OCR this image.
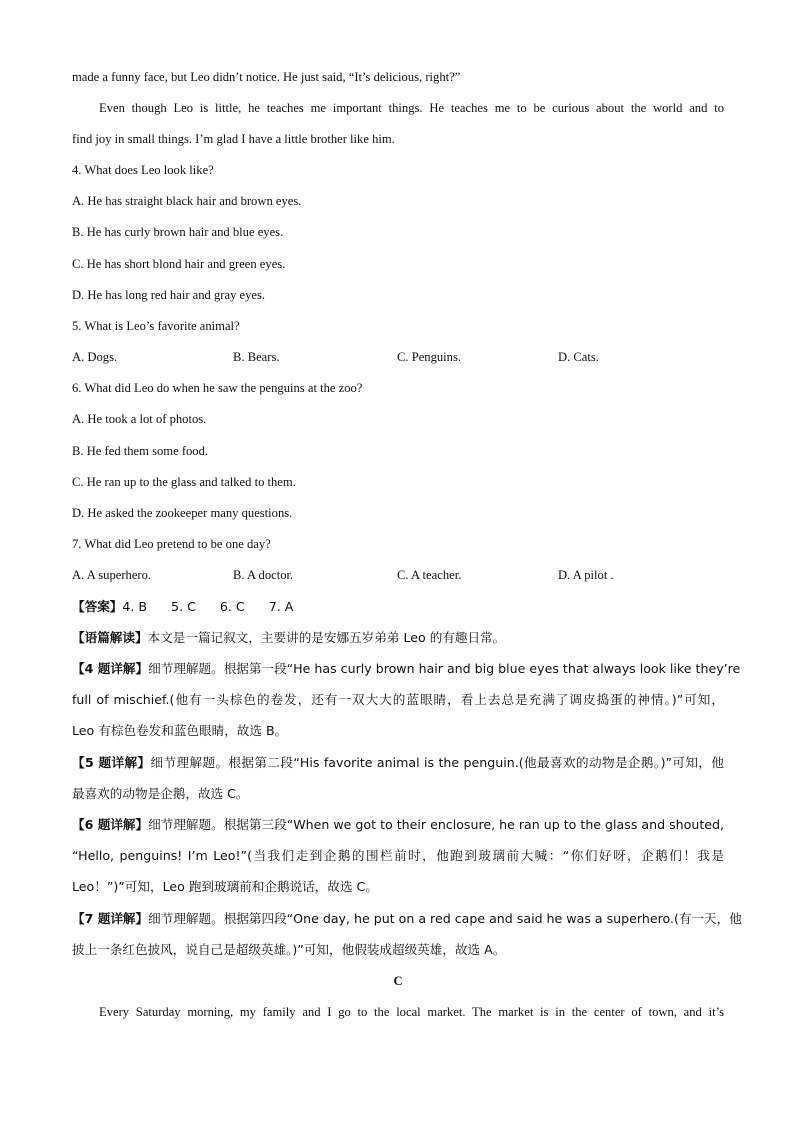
made a funny face, but Leo didn’t notice. He just said, “It’s delicious, right?”
Even though Leo is little, he teaches me important things. He teaches me to be curious about the world and to
find joy in small things. I’m glad I have a little brother like him.
4. What does Leo look like?
A. He has straight black hair and brown eyes.
B. He has curly brown hair and blue eyes.
C. He has short blond hair and green eyes.
D. He has long red hair and gray eyes.
5. What is Leo’s favorite animal?
A. Dogs.	B. Bears.	C. Penguins.	D. Cats.
6. What did Leo do when he saw the penguins at the zoo?
A. He took a lot of photos.
B. He fed them some food.
C. He ran up to the glass and talked to them.
D. He asked the zookeeper many questions.
7. What did Leo pretend to be one day?
A. A superhero.	B. A doctor.	C. A teacher.	D. A pilot .
【答案】4. B      5. C      6. C      7. A
【语篇解读】本文是一篇记叙文，主要讲的是安娜五岁弟弟 Leo 的有趣日常。
【4 题详解】细节理解题。根据第一段“He has curly brown hair and big blue eyes that always look like they’re
full of mischief.(他有一头棕色的卷发，还有一双大大的蓝眼睛，看上去总是充满了调皮捣蛋的神情。)”可知，
Leo 有棕色卷发和蓝色眼睛，故选 B。
【5 题详解】细节理解题。根据第二段“His favorite animal is the penguin.(他最喜欢的动物是企鹅。)”可知，他
最喜欢的动物是企鹅，故选 C。
【6 题详解】细节理解题。根据第三段“When we got to their enclosure, he ran up to the glass and shouted,
“Hello, penguins! I’m Leo!”(当我们走到企鹅的围栏前时，他跑到玻璃前大喊：“你们好呀，企鹅们！我是
Leo！”)”可知，Leo 跑到玻璃前和企鹅说话，故选 C。
【7 题详解】细节理解题。根据第四段“One day, he put on a red cape and said he was a superhero.(有一天，他
披上一条红色披风，说自己是超级英雄。)”可知，他假装成超级英雄，故选 A。
C
Every Saturday morning, my family and I go to the local market. The market is in the center of town, and it’s
